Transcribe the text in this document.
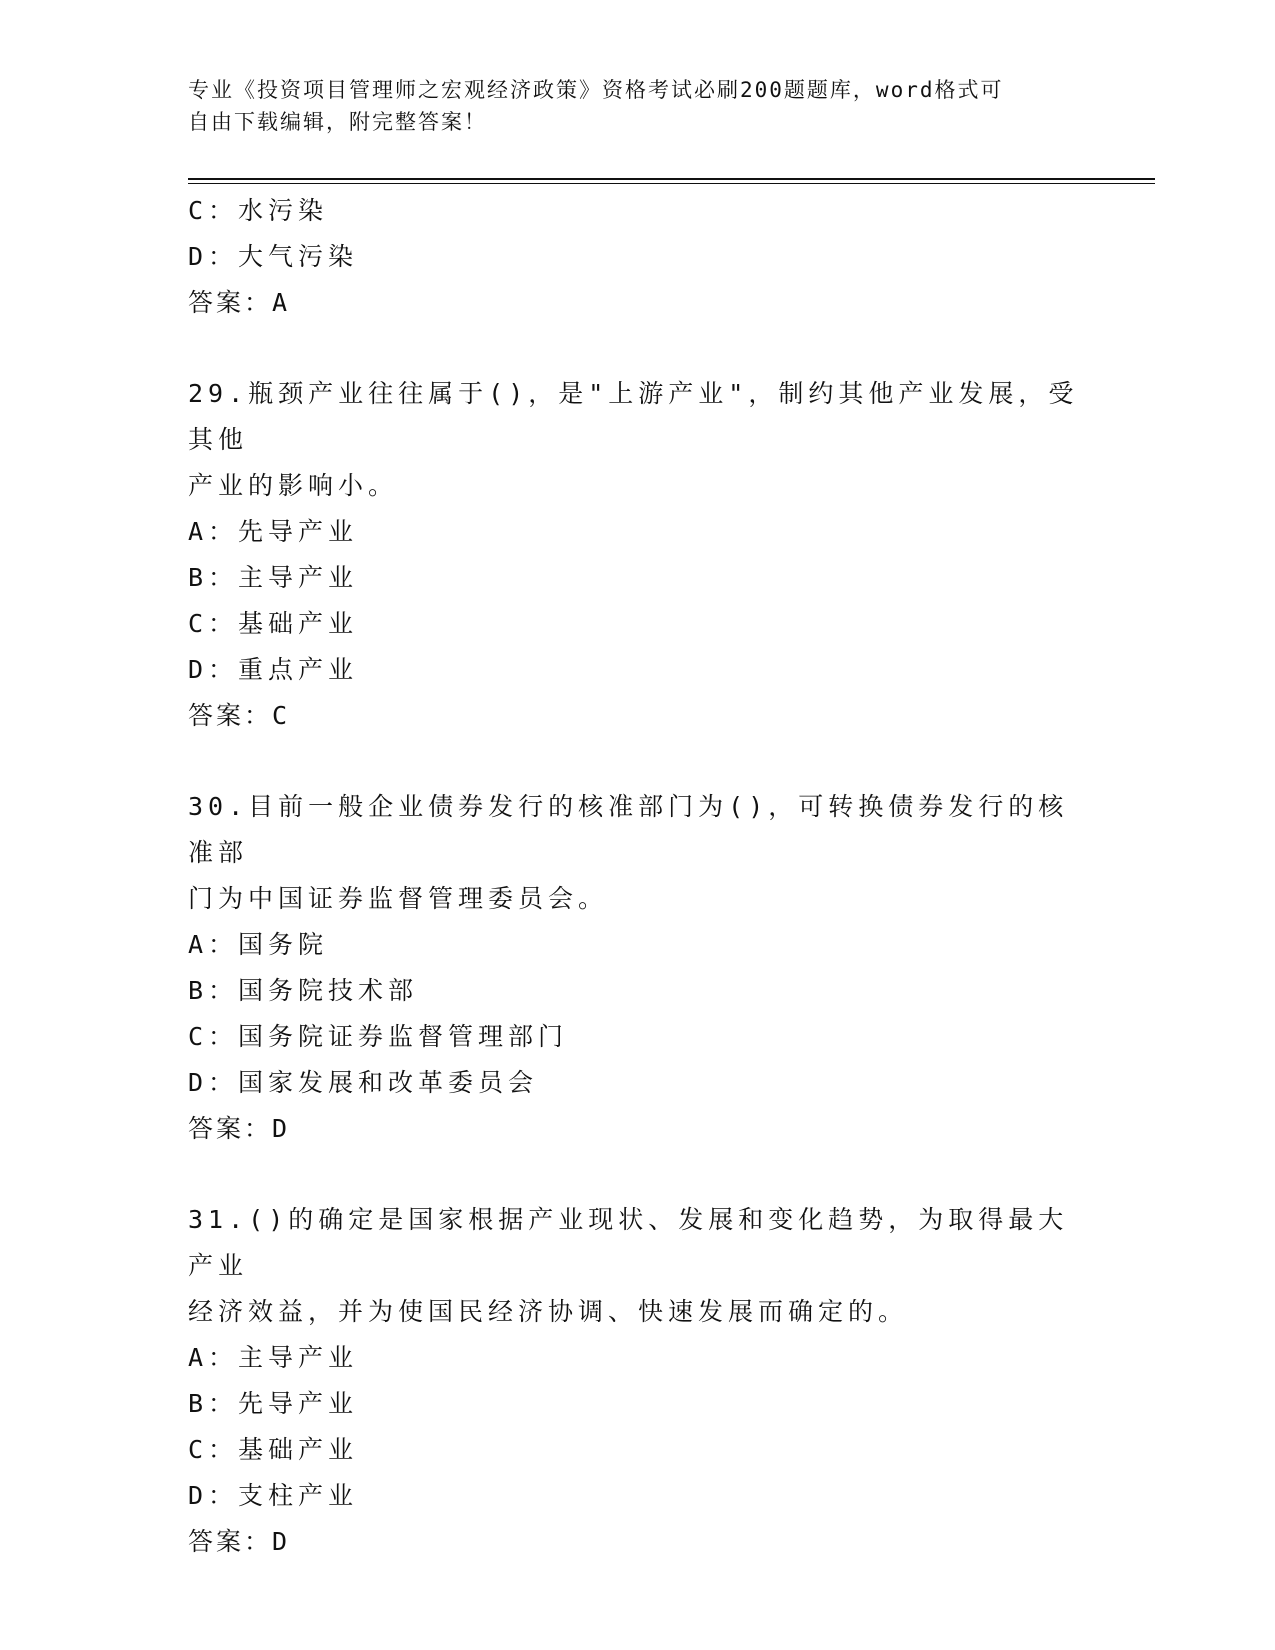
专业《投资项目管理师之宏观经济政策》资格考试必刷200题题库，word格式可
自由下载编辑，附完整答案！
C：水污染
D：大气污染
答案：A
29.瓶颈产业往往属于()，是"上游产业"，制约其他产业发展，受其他
产业的影响小。
A：先导产业
B：主导产业
C：基础产业
D：重点产业
答案：C
30.目前一般企业债券发行的核准部门为()，可转换债券发行的核准部
门为中国证券监督管理委员会。
A：国务院
B：国务院技术部
C：国务院证券监督管理部门
D：国家发展和改革委员会
答案：D
31.()的确定是国家根据产业现状、发展和变化趋势，为取得最大产业
经济效益，并为使国民经济协调、快速发展而确定的。
A：主导产业
B：先导产业
C：基础产业
D：支柱产业
答案：D
